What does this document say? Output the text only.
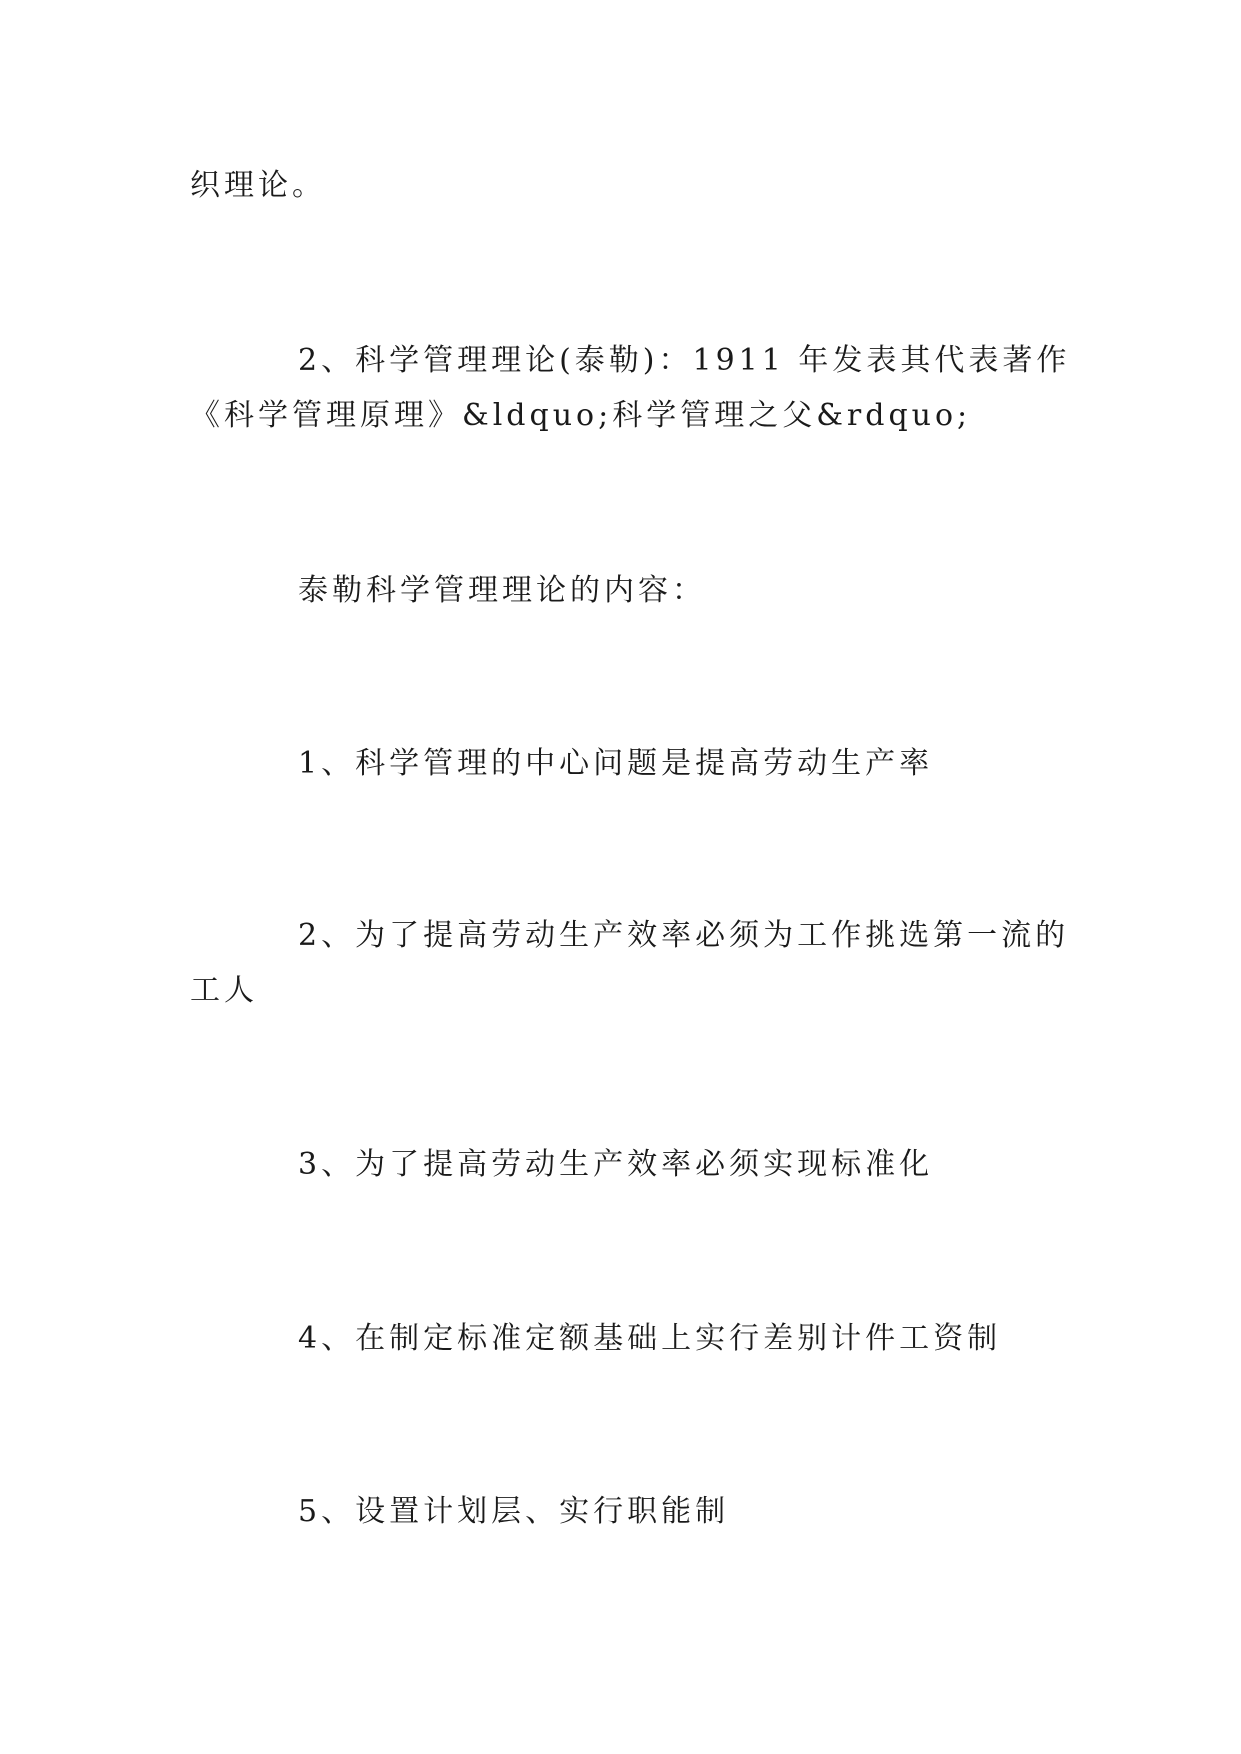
织理论。
2、科学管理理论(泰勒)：1911 年发表其代表著作
《科学管理原理》&ldquo;科学管理之父&rdquo;
泰勒科学管理理论的内容：
1、科学管理的中心问题是提高劳动生产率
2、为了提高劳动生产效率必须为工作挑选第一流的
工人
3、为了提高劳动生产效率必须实现标准化
4、在制定标准定额基础上实行差别计件工资制
5、设置计划层、实行职能制
